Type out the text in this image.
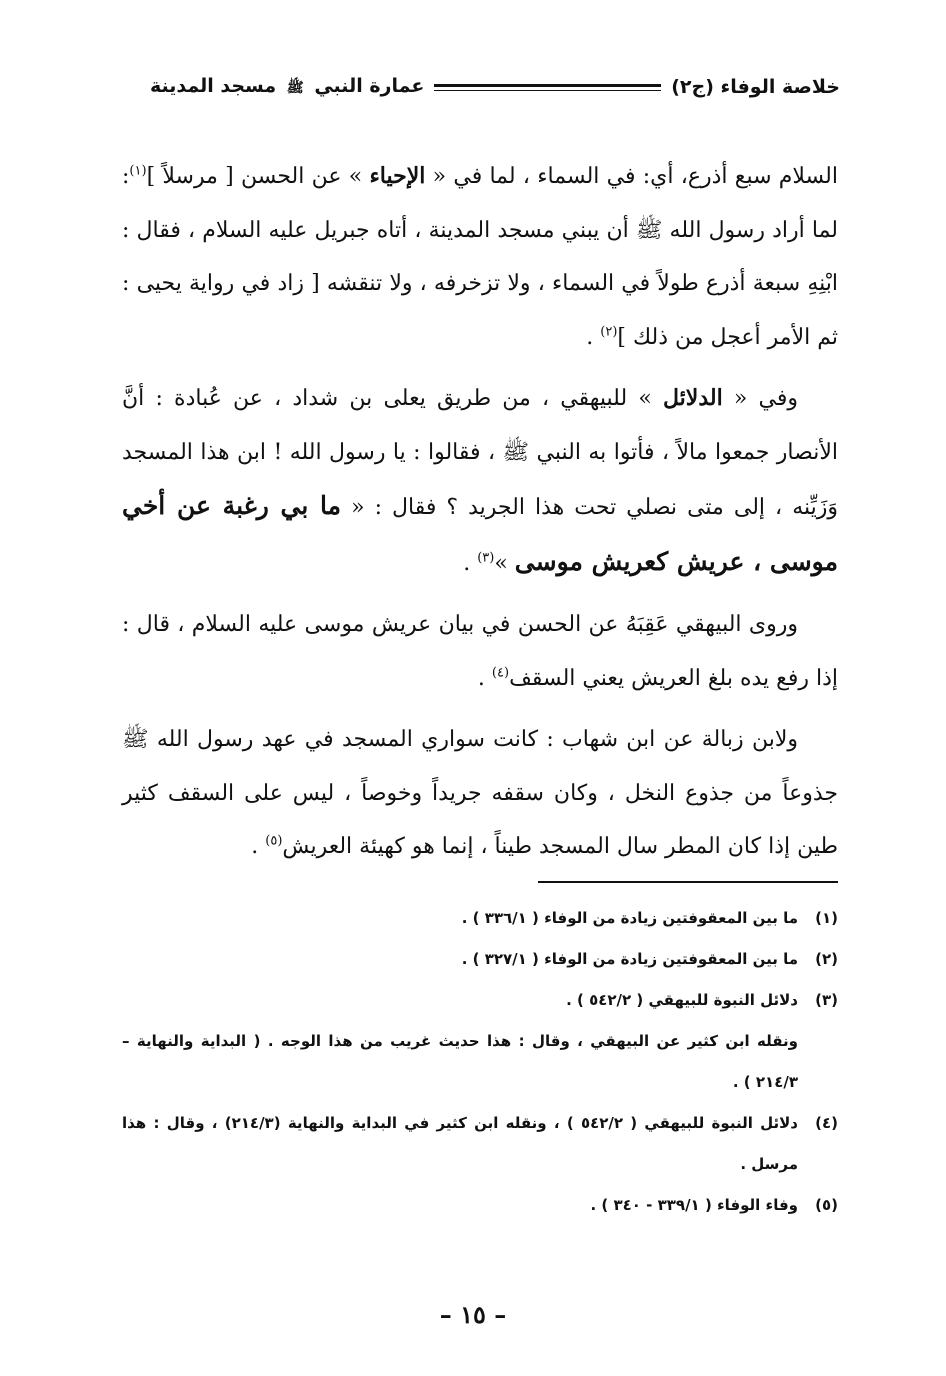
خلاصة الوفاء (ج٢)
عمارة النبي ﷺ مسجد المدينة

السلام سبع أذرع، أي: في السماء ، لما في « الإحياء » عن الحسن [ مرسلاً ]$^{(١)}$: لما أراد رسول الله ﷺ أن يبني مسجد المدينة ، أتاه جبريل عليه السلام ، فقال : ابْنِهِ سبعة أذرع طولاً في السماء ، ولا تزخرفه ، ولا تنقشه [ زاد في رواية يحيى : ثم الأمر أعجل من ذلك ]$^{(٢)}$ .

وفي « الدلائل » للبيهقي ، من طريق يعلى بن شداد ، عن عُبادة : أنَّ الأنصار جمعوا مالاً ، فأتوا به النبي ﷺ ، فقالوا : يا رسول الله ! ابن هذا المسجد وَزَيِّنه ، إلى متى نصلي تحت هذا الجريد ؟ فقال : « ما بي رغبة عن أخي موسى ، عريش كعريش موسى »$^{(٣)}$ .

وروى البيهقي عَقِبَهُ عن الحسن في بيان عريش موسى عليه السلام ، قال : إذا رفع يده بلغ العريش يعني السقف$^{(٤)}$ .

ولابن زبالة عن ابن شهاب : كانت سواري المسجد في عهد رسول الله ﷺ جذوعاً من جذوع النخل ، وكان سقفه جريداً وخوصاً ، ليس على السقف كثير طين إذا كان المطر سال المسجد طيناً ، إنما هو كهيئة العريش$^{(٥)}$ .

(١)
ما بين المعقوفتين زيادة من الوفاء ( ٣٣٦/١ ) .
(٢)
ما بين المعقوفتين زيادة من الوفاء ( ٣٢٧/١ ) .
(٣)
دلائل النبوة للبيهقي ( ٥٤٢/٢ ) .
ونقله ابن كثير عن البيهقي ، وقال : هذا حديث غريب من هذا الوجه . ( البداية والنهاية – ٢١٤/٣ ) .
(٤)
دلائل النبوة للبيهقي ( ٥٤٢/٢ ) ، ونقله ابن كثير في البداية والنهاية (٢١٤/٣) ، وقال : هذا مرسل .
(٥)
وفاء الوفاء ( ٣٣٩/١ - ٣٤٠ ) .
– ١٥ –
